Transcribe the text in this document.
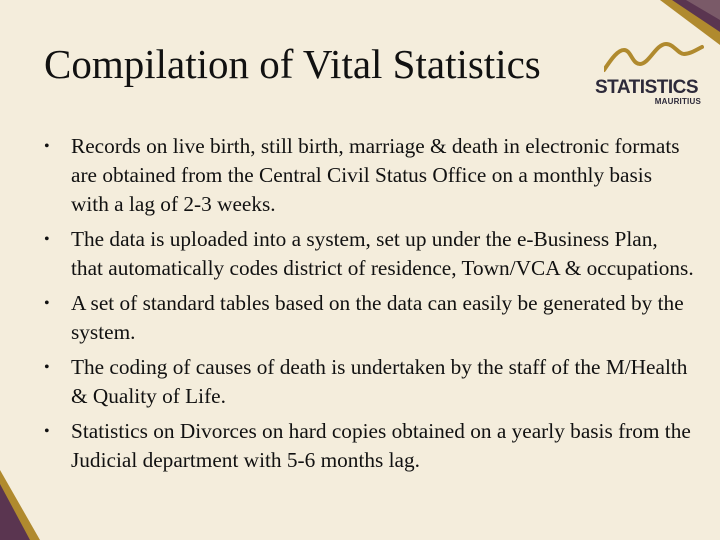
Compilation of Vital Statistics
STATISTICS
MAURITIUS
•	Records on live birth, still birth, marriage & death in electronic formats are obtained from the Central Civil Status Office on a monthly basis with a lag of 2-3 weeks.
•	The data is uploaded into a system, set up under the e-Business Plan, that automatically codes district of residence, Town/VCA & occupations.
•	A set of standard tables based on the data can easily be generated by the system.
•	The coding of causes of death is undertaken by the staff of the M/Health & Quality of Life.
•	Statistics on Divorces on hard copies obtained on a yearly basis from the Judicial department with 5-6 months lag.
